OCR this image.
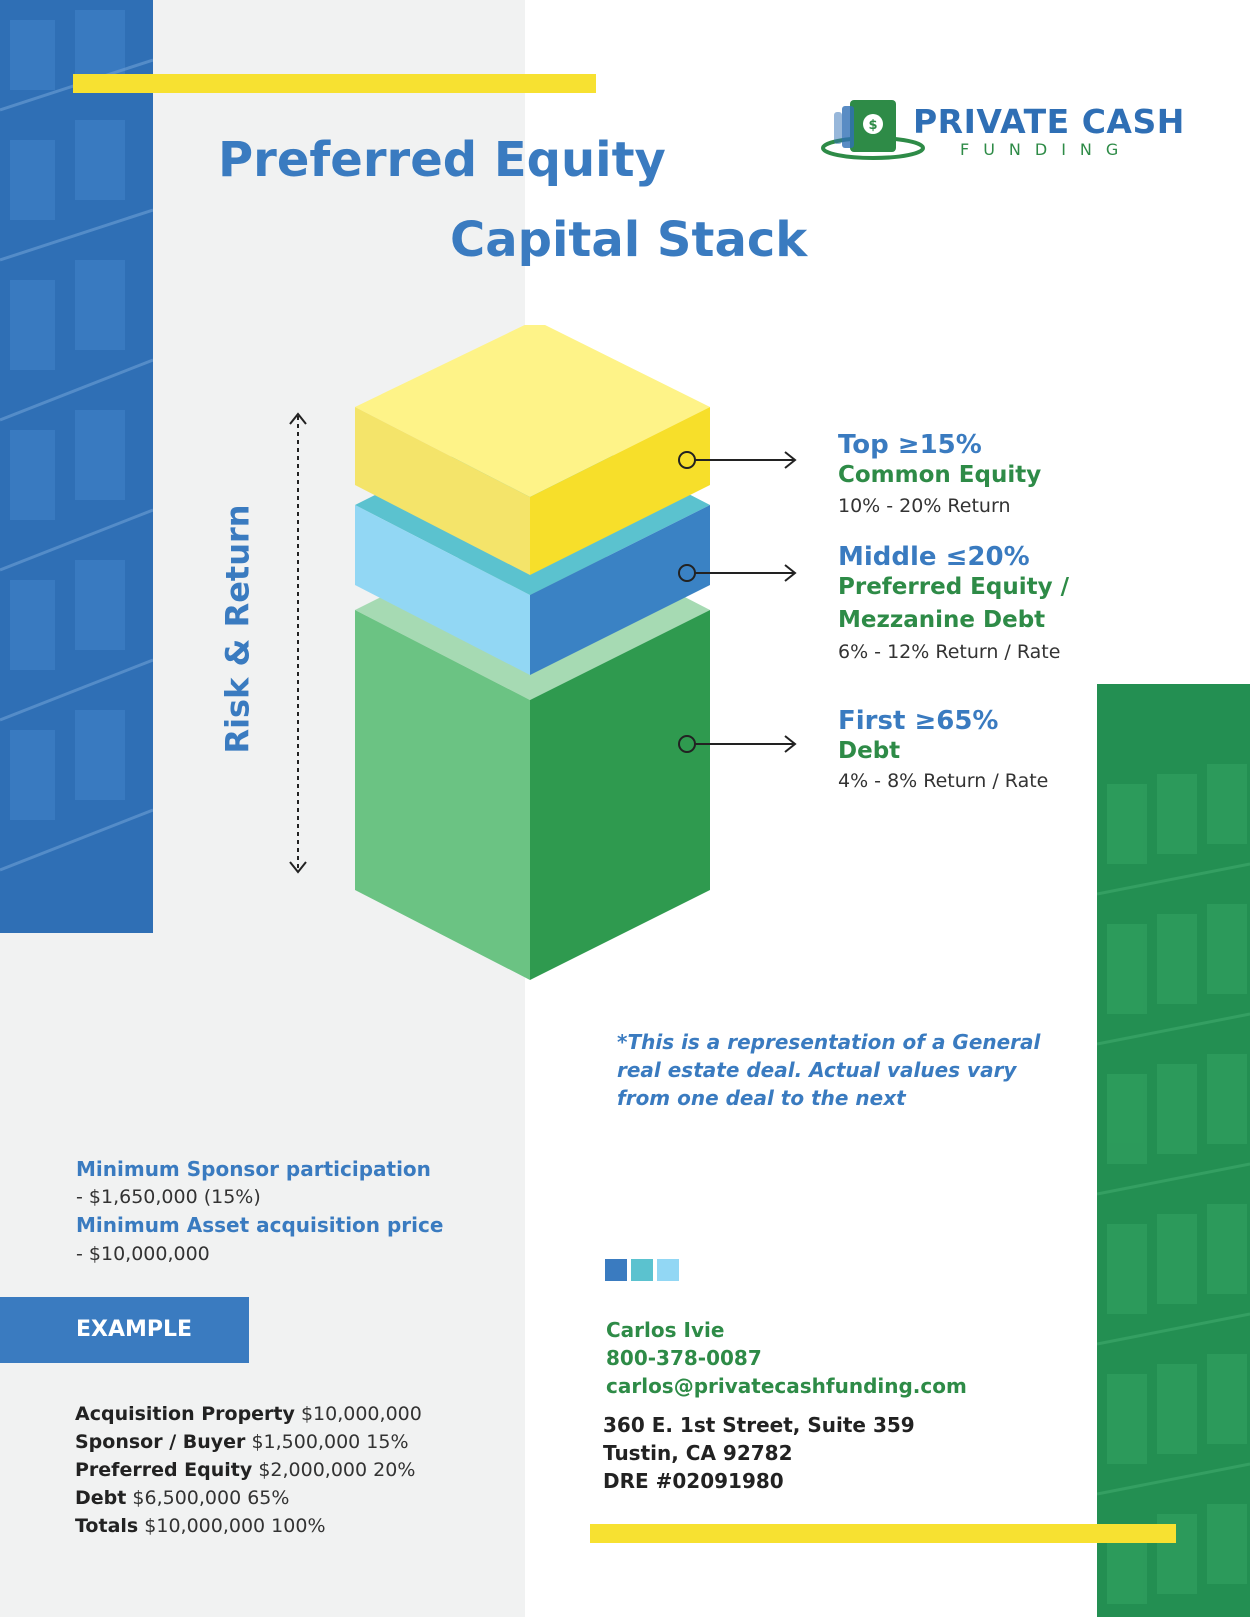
$ PRIVATE CASH
FUNDING
Preferred Equity
Capital Stack
Risk & Return
Top ≥15%
Common Equity
10% - 20% Return
Middle ≤20%
Preferred Equity /
Mezzanine Debt
6% - 12% Return / Rate
First ≥65%
Debt
4% - 8% Return / Rate
*This is a representation of a General real estate deal. Actual values vary from one deal to the next
Minimum Sponsor participation
- $1,650,000 (15%)
Minimum Asset acquisition price
- $10,000,000
EXAMPLE
Acquisition Property $10,000,000
Sponsor / Buyer $1,500,000 15%
Preferred Equity $2,000,000 20%
Debt $6,500,000 65%
Totals $10,000,000 100%
Carlos Ivie
800-378-0087
carlos@privatecashfunding.com
360 E. 1st Street, Suite 359
Tustin, CA 92782
DRE #02091980
